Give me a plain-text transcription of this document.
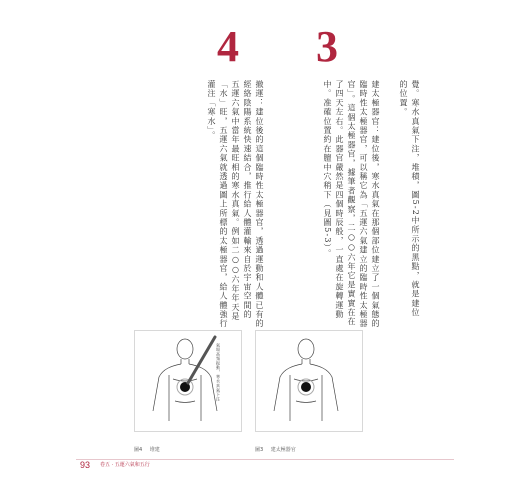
4 3
覺。寒水真氣下注，堆積，圖5-2中所示的黑點，就是建位
的位置。
建太極器官：建位後，寒水真氣在那個部位建立了一個氣態的
臨時性太極器官，可以稱它為「五運六氣建立的臨時性太極器
官」。這個太極器官，據筆者觀察，二○○六年它是實實在在
了四天左右。此器官嚴然是四個時辰般，一直處在旋轉運動
中。准確位置約在膻中穴稍下（見圖5-3）。
撤運：建位後的這個臨時性太極器官，透過運動和人體已有的
經絡陰陽系統快速結合，推行給人體灌輸來自於宇宙空間的
五運六氣中當年最旺相的寒水真氣。例如二○○六年年天是
「水」旺，五運六氣就透過圖上所標的太極器官，給人體強行
灌注「寒水」。
氣場高頻振動，寒水真氣下注
圖4 堆建	圖3 建太極器官
93 卷五 · 五運六氣和五行
